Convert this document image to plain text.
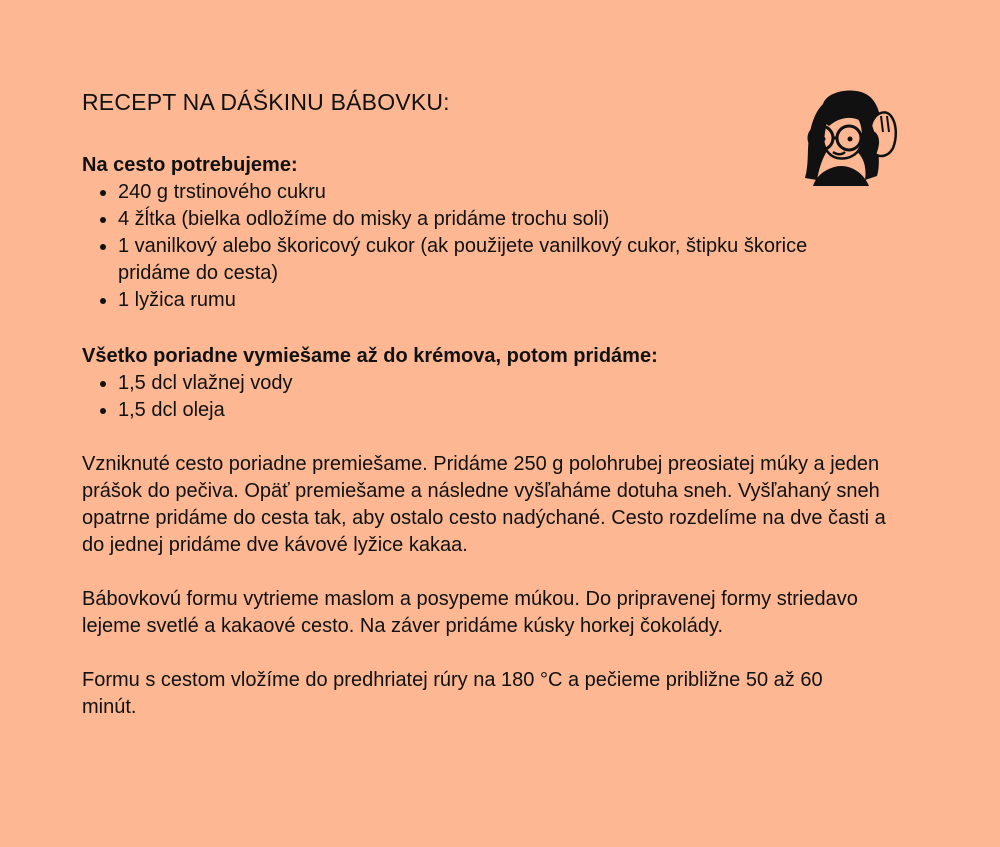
RECEPT NA DÁŠKINU BÁBOVKU:
Na cesto potrebujeme:
• 240 g trstinového cukru
• 4 žĺtka (bielka odložíme do misky a pridáme trochu soli)
• 1 vanilkový alebo škoricový cukor (ak použijete vanilkový cukor, štipku škorice pridáme do cesta)
• 1 lyžica rumu
Všetko poriadne vymiešame až do krémova, potom pridáme:
• 1,5 dcl vlažnej vody
• 1,5 dcl oleja

Vzniknuté cesto poriadne premiešame. Pridáme 250 g polohrubej preosiatej múky a jeden prášok do pečiva. Opäť premiešame a následne vyšľaháme dotuha sneh. Vyšľahaný sneh opatrne pridáme do cesta tak, aby ostalo cesto nadýchané. Cesto rozdelíme na dve časti a do jednej pridáme dve kávové lyžice kakaa.

Bábovkovú formu vytrieme maslom a posypeme múkou. Do pripravenej formy striedavo lejeme svetlé a kakaové cesto. Na záver pridáme kúsky horkej čokolády.

Formu s cestom vložíme do predhriatej rúry na 180 °C a pečieme približne 50 až 60 minút.
